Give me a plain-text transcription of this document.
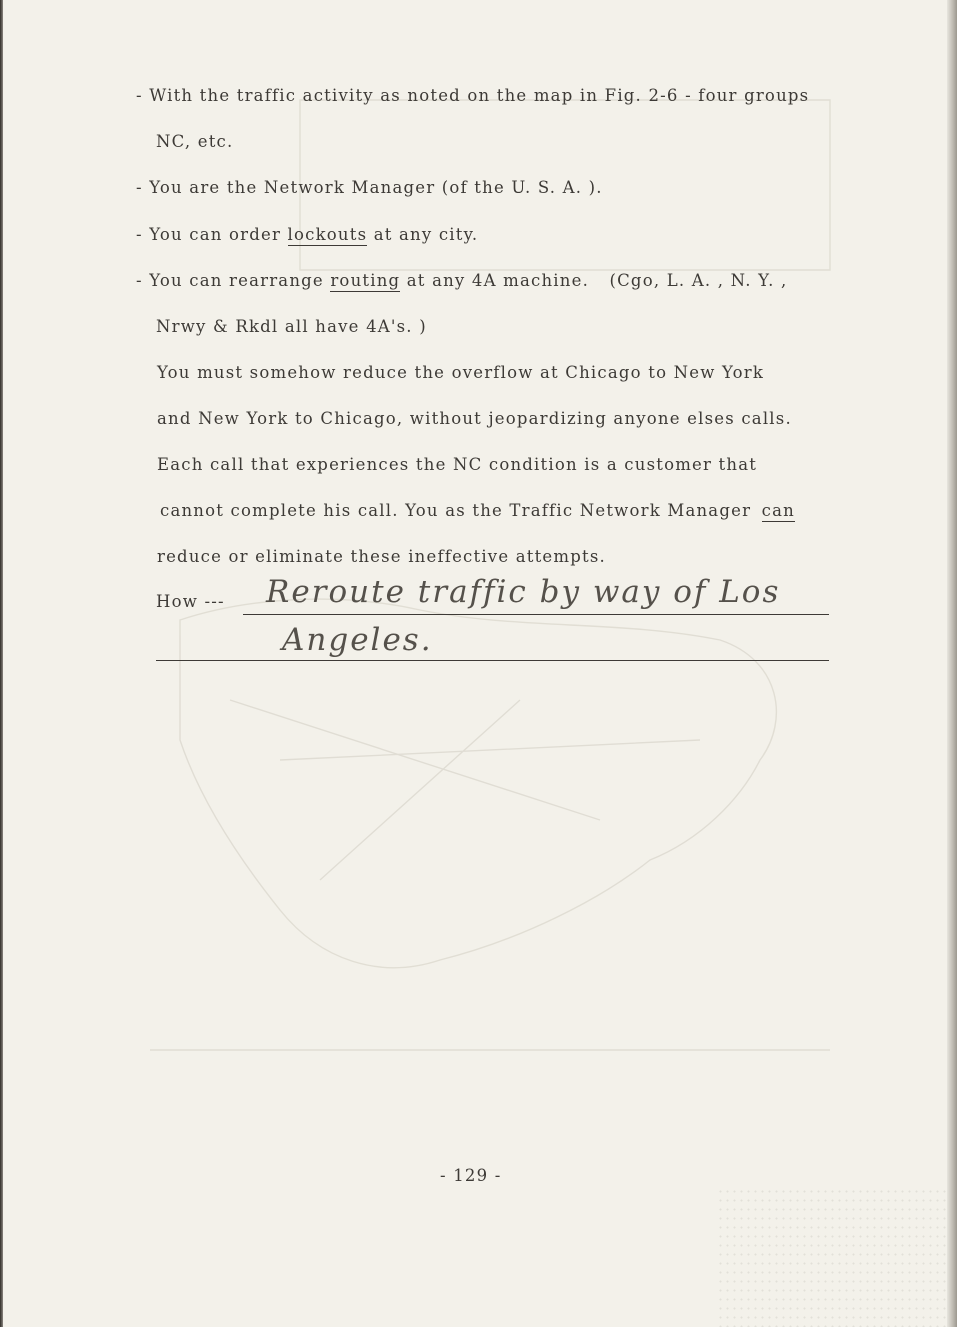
- With the traffic activity as noted on the map in Fig. 2-6 - four groups
NC, etc.
- You are the Network Manager (of the U. S. A. ).
- You can order lockouts at any city.
- You can rearrange routing at any 4A machine. (Cgo, L. A. , N. Y. ,
Nrwy & Rkdl all have 4A's. )
You must somehow reduce the overflow at Chicago to New York
and New York to Chicago, without jeopardizing anyone elses calls.
Each call that experiences the NC condition is a customer that
cannot complete his call. You as the Traffic Network Manager can
reduce or eliminate these ineffective attempts.
How --- Reroute traffic by way of Los
Angeles.
- 129 -
